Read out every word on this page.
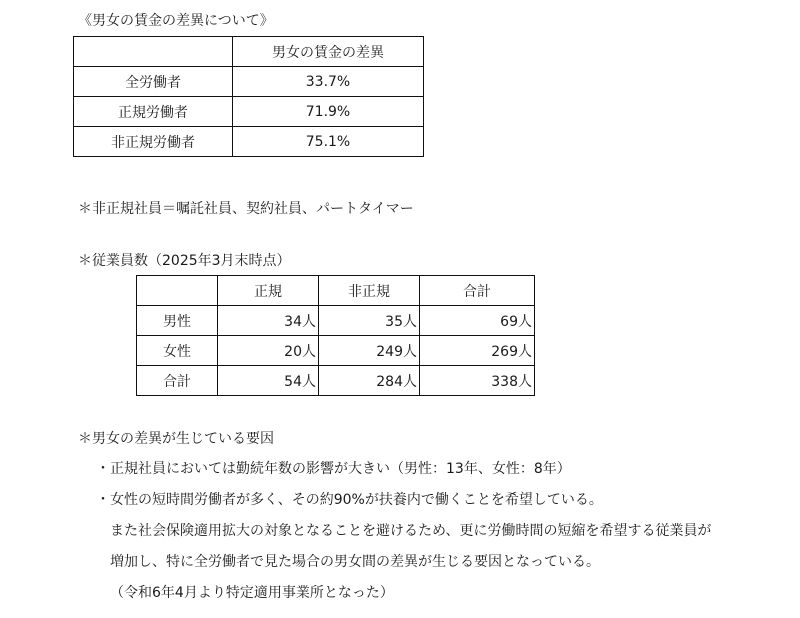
《男女の賃金の差異について》
	男女の賃金の差異
全労働者	33.7%
正規労働者	71.9%
非正規労働者	75.1%
＊非正規社員＝嘱託社員、契約社員、パートタイマー
＊従業員数（2025年3月末時点）
	正規	非正規	合計
男性	34人	35人	69人
女性	20人	249人	269人
合計	54人	284人	338人
＊男女の差異が生じている要因
・正規社員においては勤続年数の影響が大きい（男性：13年、女性：8年）
・女性の短時間労働者が多く、その約90%が扶養内で働くことを希望している。
また社会保険適用拡大の対象となることを避けるため、更に労働時間の短縮を希望する従業員が
増加し、特に全労働者で見た場合の男女間の差異が生じる要因となっている。
（令和6年4月より特定適用事業所となった）
